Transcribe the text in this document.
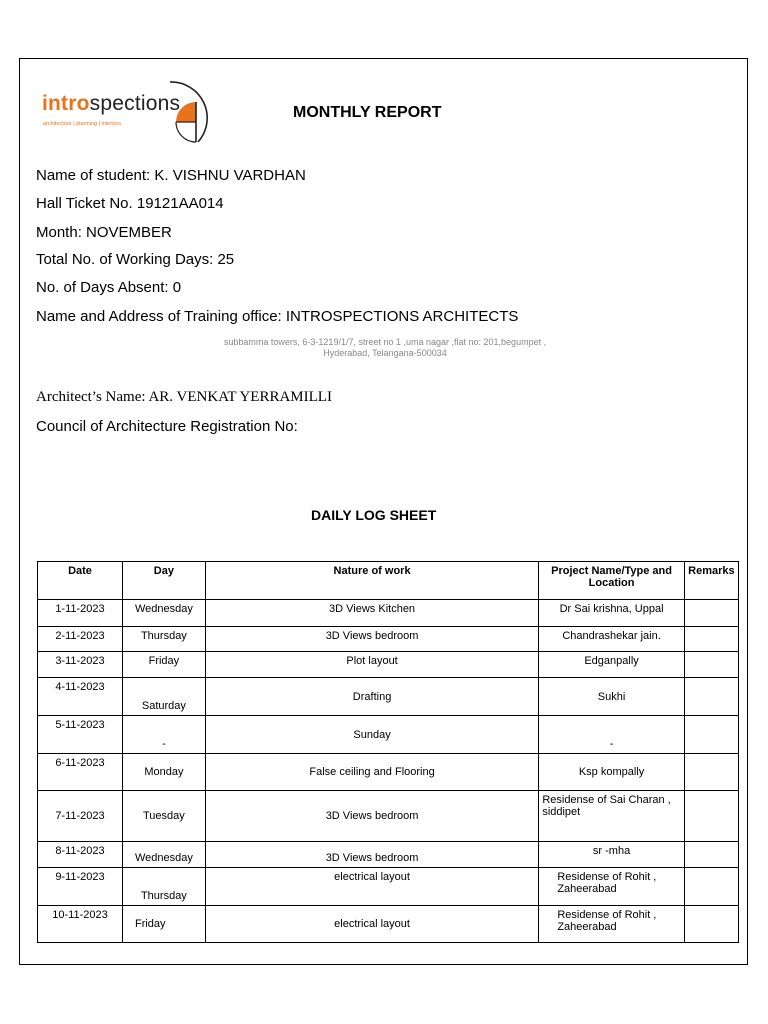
introspections
architecture | planning | interiors
MONTHLY REPORT
Name of student: K. VISHNU VARDHAN
Hall Ticket No. 19121AA014
Month: NOVEMBER
Total No. of Working Days: 25
No. of Days Absent: 0
Name and Address of Training office: INTROSPECTIONS ARCHITECTS
subbamma towers, 6-3-1219/1/7, street no 1 ,uma nagar ,flat no: 201,begumpet ,
Hyderabad, Telangana-500034
Architect’s Name: AR. VENKAT YERRAMILLI
Council of Architecture Registration No:
DAILY LOG SHEET
Date	Day	Nature of work	Project Name/Type and Location	Remarks
1-11-2023	Wednesday	3D Views Kitchen	Dr Sai krishna, Uppal	
2-11-2023	Thursday	3D Views bedroom	Chandrashekar jain.	
3-11-2023	Friday	Plot layout	Edganpally	
4-11-2023	Saturday	Drafting	Sukhi	
5-11-2023	-	Sunday	-	
6-11-2023	Monday	False ceiling and Flooring	Ksp kompally	
7-11-2023	Tuesday	3D Views bedroom	Residense of Sai Charan , siddipet	
8-11-2023	Wednesday	3D Views bedroom	sr -mha	
9-11-2023	Thursday	electrical layout	Residense of Rohit , Zaheerabad	
10-11-2023	Friday	electrical layout	Residense of Rohit , Zaheerabad	
